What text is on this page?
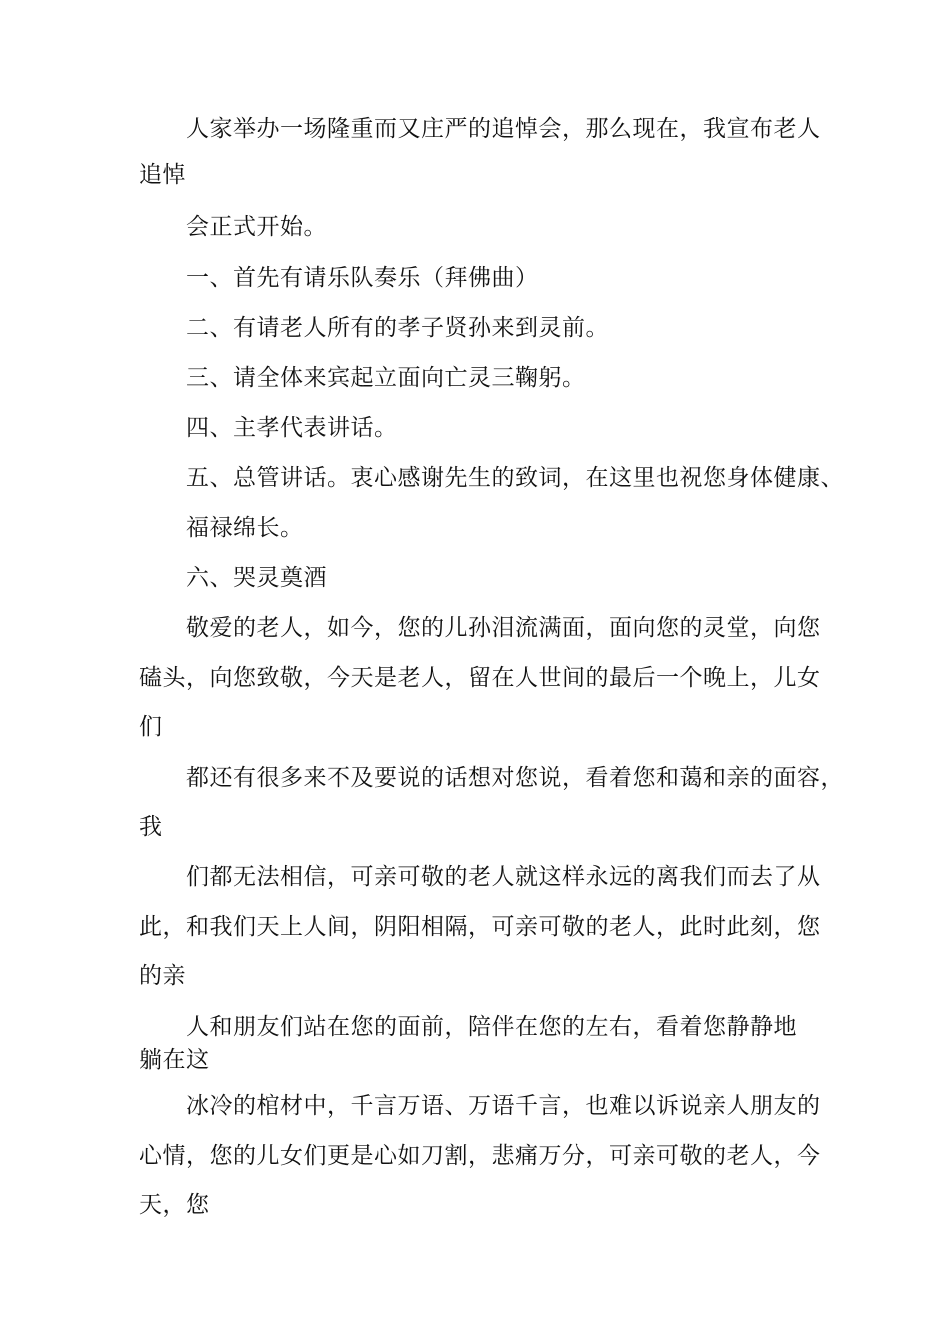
人家举办一场隆重而又庄严的追悼会，那么现在，我宣布老人
追悼
会正式开始。
一、首先有请乐队奏乐（拜佛曲）
二、有请老人所有的孝子贤孙来到灵前。
三、请全体来宾起立面向亡灵三鞠躬。
四、主孝代表讲话。
五、总管讲话。衷心感谢先生的致词，在这里也祝您身体健康、
福禄绵长。
六、哭灵奠酒
敬爱的老人，如今，您的儿孙泪流满面，面向您的灵堂，向您
磕头，向您致敬，今天是老人，留在人世间的最后一个晚上，儿女
们
都还有很多来不及要说的话想对您说，看着您和蔼和亲的面容，
我
们都无法相信，可亲可敬的老人就这样永远的离我们而去了从
此，和我们天上人间，阴阳相隔，可亲可敬的老人，此时此刻，您
的亲
人和朋友们站在您的面前，陪伴在您的左右，看着您静静地
躺在这
冰冷的棺材中，千言万语、万语千言，也难以诉说亲人朋友的
心情，您的儿女们更是心如刀割，悲痛万分，可亲可敬的老人，今
天，您
